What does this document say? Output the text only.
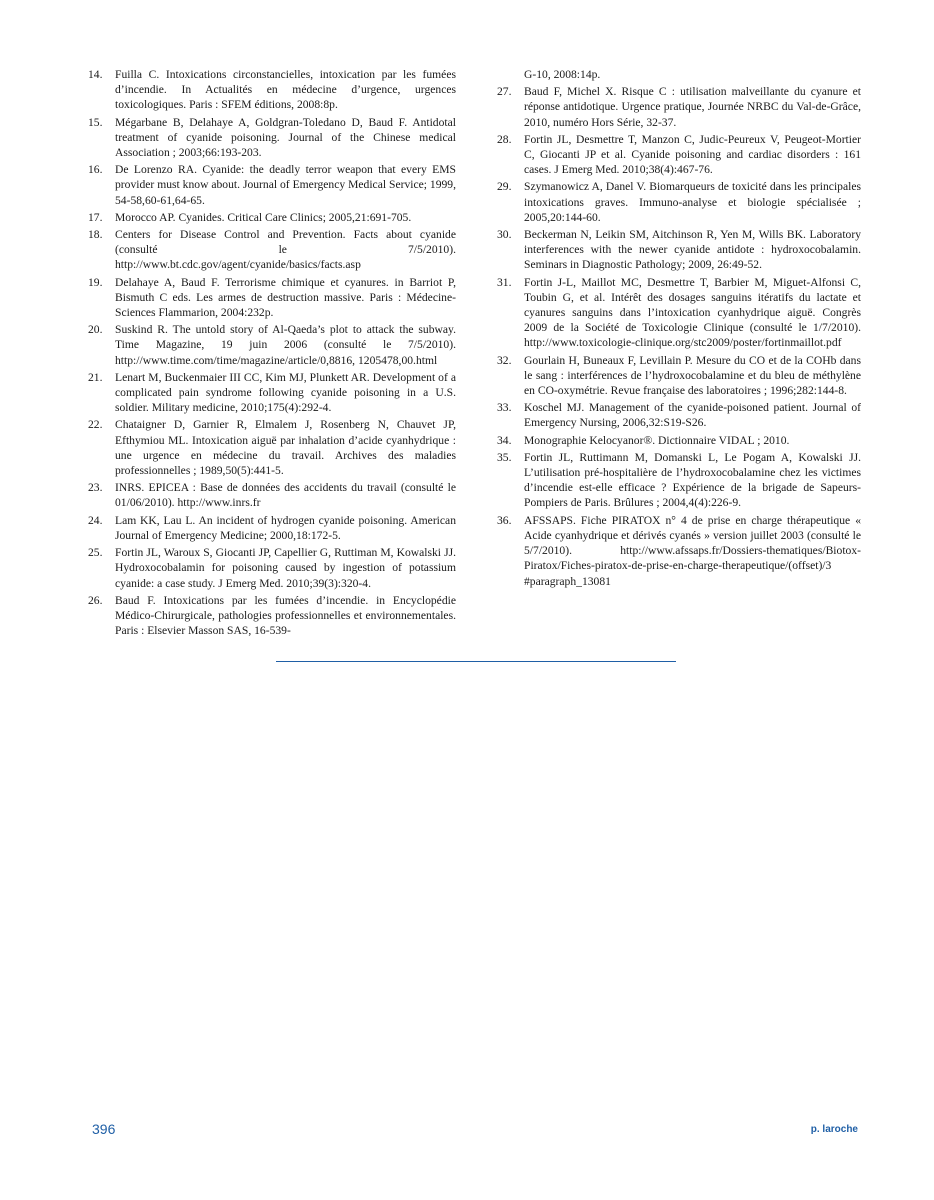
14.	Fuilla C. Intoxications circonstancielles, intoxication par les fumées d’incendie. In Actualités en médecine d’urgence, urgences toxicologiques. Paris : SFEM éditions, 2008:8p.
15.	Mégarbane B, Delahaye A, Goldgran-Toledano D, Baud F. Antidotal treatment of cyanide poisoning. Journal of the Chinese medical Association ; 2003;66:193-203.
16.	De Lorenzo RA. Cyanide: the deadly terror weapon that every EMS provider must know about. Journal of Emergency Medical Service; 1999, 54-58,60-61,64-65.
17.	Morocco AP. Cyanides. Critical Care Clinics; 2005,21:691-705.
18.	Centers for Disease Control and Prevention. Facts about cyanide (consulté le 7/5/2010). http://www.bt.cdc.gov/agent/cyanide/basics/facts.asp
19.	Delahaye A, Baud F. Terrorisme chimique et cyanures. in Barriot P, Bismuth C eds. Les armes de destruction massive. Paris : Médecine-Sciences Flammarion, 2004:232p.
20.	Suskind R. The untold story of Al-Qaeda’s plot to attack the subway. Time Magazine, 19 juin 2006 (consulté le 7/5/2010). http://www.time.com/time/magazine/article/0,8816, 1205478,00.html
21.	Lenart M, Buckenmaier III CC, Kim MJ, Plunkett AR. Development of a complicated pain syndrome following cyanide poisoning in a U.S. soldier. Military medicine, 2010;175(4):292-4.
22.	Chataigner D, Garnier R, Elmalem J, Rosenberg N, Chauvet JP, Efthymiou ML. Intoxication aiguë par inhalation d’acide cyanhydrique : une urgence en médecine du travail. Archives des maladies professionnelles ; 1989,50(5):441-5.
23.	INRS. EPICEA : Base de données des accidents du travail (consulté le 01/06/2010). http://www.inrs.fr
24.	Lam KK, Lau L. An incident of hydrogen cyanide poisoning. American Journal of Emergency Medicine; 2000,18:172-5.
25.	Fortin JL, Waroux S, Giocanti JP, Capellier G, Ruttiman M, Kowalski JJ. Hydroxocobalamin for poisoning caused by ingestion of potassium cyanide: a case study. J Emerg Med. 2010;39(3):320-4.
26.	Baud F. Intoxications par les fumées d’incendie. in Encyclopédie Médico-Chirurgicale, pathologies professionnelles et environnementales. Paris : Elsevier Masson SAS, 16-539-
G-10, 2008:14p.
27.	Baud F, Michel X. Risque C : utilisation malveillante du cyanure et réponse antidotique. Urgence pratique, Journée NRBC du Val-de-Grâce, 2010, numéro Hors Série, 32-37.
28.	Fortin JL, Desmettre T, Manzon C, Judic-Peureux V, Peugeot-Mortier C, Giocanti JP et al. Cyanide poisoning and cardiac disorders : 161 cases. J Emerg Med. 2010;38(4):467-76.
29.	Szymanowicz A, Danel V. Biomarqueurs de toxicité dans les principales intoxications graves. Immuno-analyse et biologie spécialisée ; 2005,20:144-60.
30.	Beckerman N, Leikin SM, Aitchinson R, Yen M, Wills BK. Laboratory interferences with the newer cyanide antidote : hydroxocobalamin. Seminars in Diagnostic Pathology; 2009, 26:49-52.
31.	Fortin J-L, Maillot MC, Desmettre T, Barbier M, Miguet-Alfonsi C, Toubin G, et al. Intérêt des dosages sanguins itératifs du lactate et cyanures sanguins dans l’intoxication cyanhydrique aiguë. Congrès 2009 de la Société de Toxicologie Clinique (consulté le 1/7/2010). http://www.toxicologie-clinique.org/stc2009/poster/fortinmaillot.pdf
32.	Gourlain H, Buneaux F, Levillain P. Mesure du CO et de la COHb dans le sang : interférences de l’hydroxocobalamine et du bleu de méthylène en CO-oxymétrie. Revue française des laboratoires ; 1996;282:144-8.
33.	Koschel MJ. Management of the cyanide-poisoned patient. Journal of Emergency Nursing, 2006,32:S19-S26.
34.	Monographie Kelocyanor®. Dictionnaire VIDAL ; 2010.
35.	Fortin JL, Ruttimann M, Domanski L, Le Pogam A, Kowalski JJ. L’utilisation pré-hospitalière de l’hydroxocobalamine chez les victimes d’incendie est-elle efficace ? Expérience de la brigade de Sapeurs-Pompiers de Paris. Brûlures ; 2004,4(4):226-9.
36.	AFSSAPS. Fiche PIRATOX n° 4 de prise en charge thérapeutique « Acide cyanhydrique et dérivés cyanés » version juillet 2003 (consulté le 5/7/2010). http://www.afssaps.fr/Dossiers-thematiques/Biotox-Piratox/Fiches-piratox-de-prise-en-charge-therapeutique/(offset)/3 #paragraph_13081
396	p. laroche
